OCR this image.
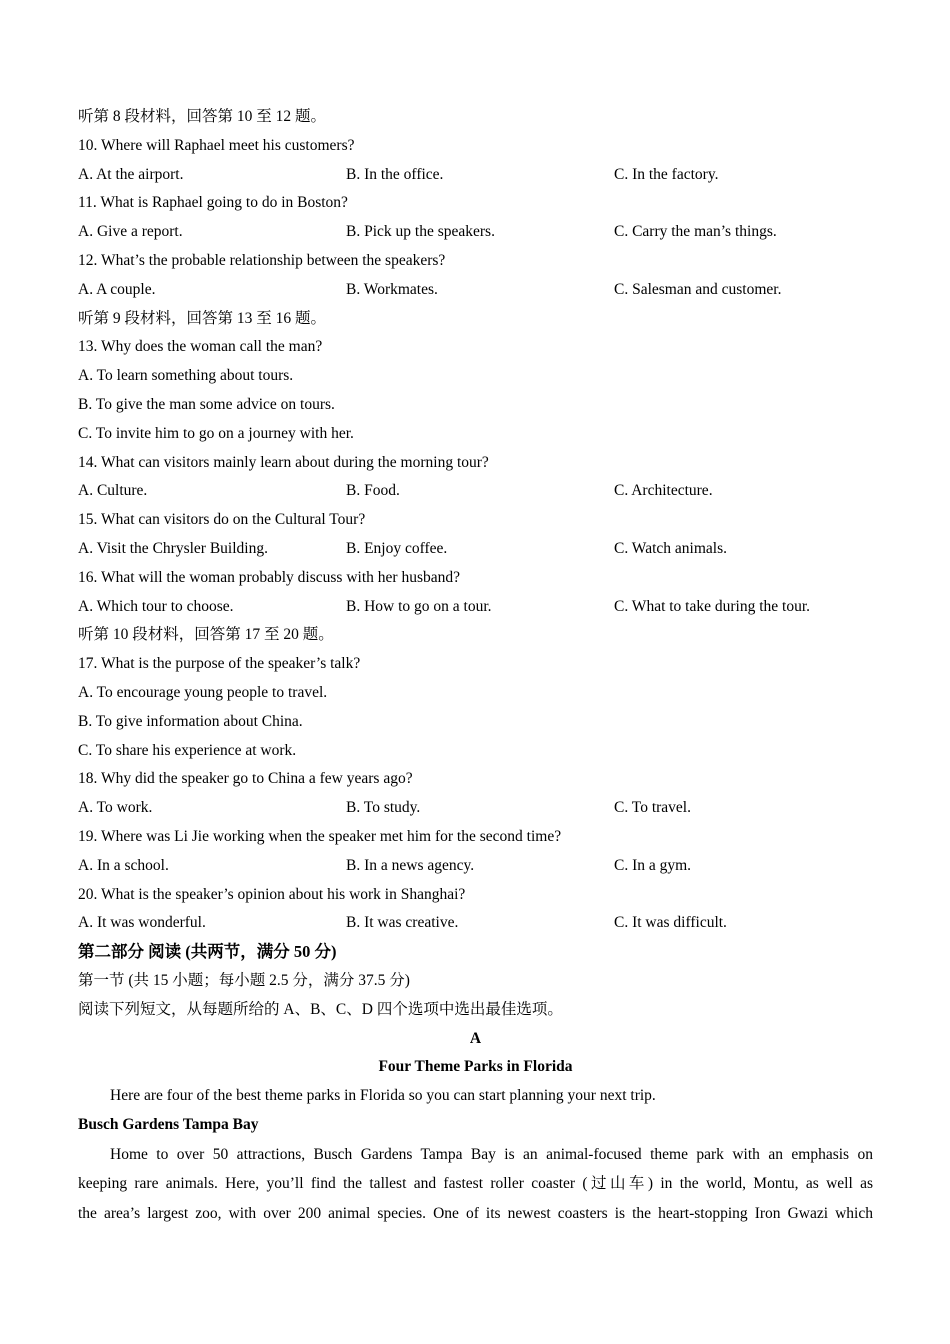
听第 8 段材料，回答第 10 至 12 题。
10. Where will Raphael meet his customers?
A. At the airport.	B. In the office.	C. In the factory.
11. What is Raphael going to do in Boston?
A. Give a report.	B. Pick up the speakers.	C. Carry the man’s things.
12. What’s the probable relationship between the speakers?
A. A couple.	B. Workmates.	C. Salesman and customer.
听第 9 段材料，回答第 13 至 16 题。
13. Why does the woman call the man?
A. To learn something about tours.
B. To give the man some advice on tours.
C. To invite him to go on a journey with her.
14. What can visitors mainly learn about during the morning tour?
A. Culture.	B. Food.	C. Architecture.
15. What can visitors do on the Cultural Tour?
A. Visit the Chrysler Building.	B. Enjoy coffee.	C. Watch animals.
16. What will the woman probably discuss with her husband?
A. Which tour to choose.	B. How to go on a tour.	C. What to take during the tour.
听第 10 段材料，回答第 17 至 20 题。
17. What is the purpose of the speaker’s talk?
A. To encourage young people to travel.
B. To give information about China.
C. To share his experience at work.
18. Why did the speaker go to China a few years ago?
A. To work.	B. To study.	C. To travel.
19. Where was Li Jie working when the speaker met him for the second time?
A. In a school.	B. In a news agency.	C. In a gym.
20. What is the speaker’s opinion about his work in Shanghai?
A. It was wonderful.	B. It was creative.	C. It was difficult.
第二部分 阅读 (共两节，满分 50 分)
第一节 (共 15 小题；每小题 2.5 分，满分 37.5 分)
阅读下列短文，从每题所给的 A、B、C、D 四个选项中选出最佳选项。
A
Four Theme Parks in Florida
Here are four of the best theme parks in Florida so you can start planning your next trip.
Busch Gardens Tampa Bay
Home to over 50 attractions, Busch Gardens Tampa Bay is an animal-focused theme park with an emphasis on
keeping rare animals. Here, you’ll find the tallest and fastest roller coaster (过山车) in the world, Montu, as well as
the area’s largest zoo, with over 200 animal species. One of its newest coasters is the heart-stopping Iron Gwazi which
